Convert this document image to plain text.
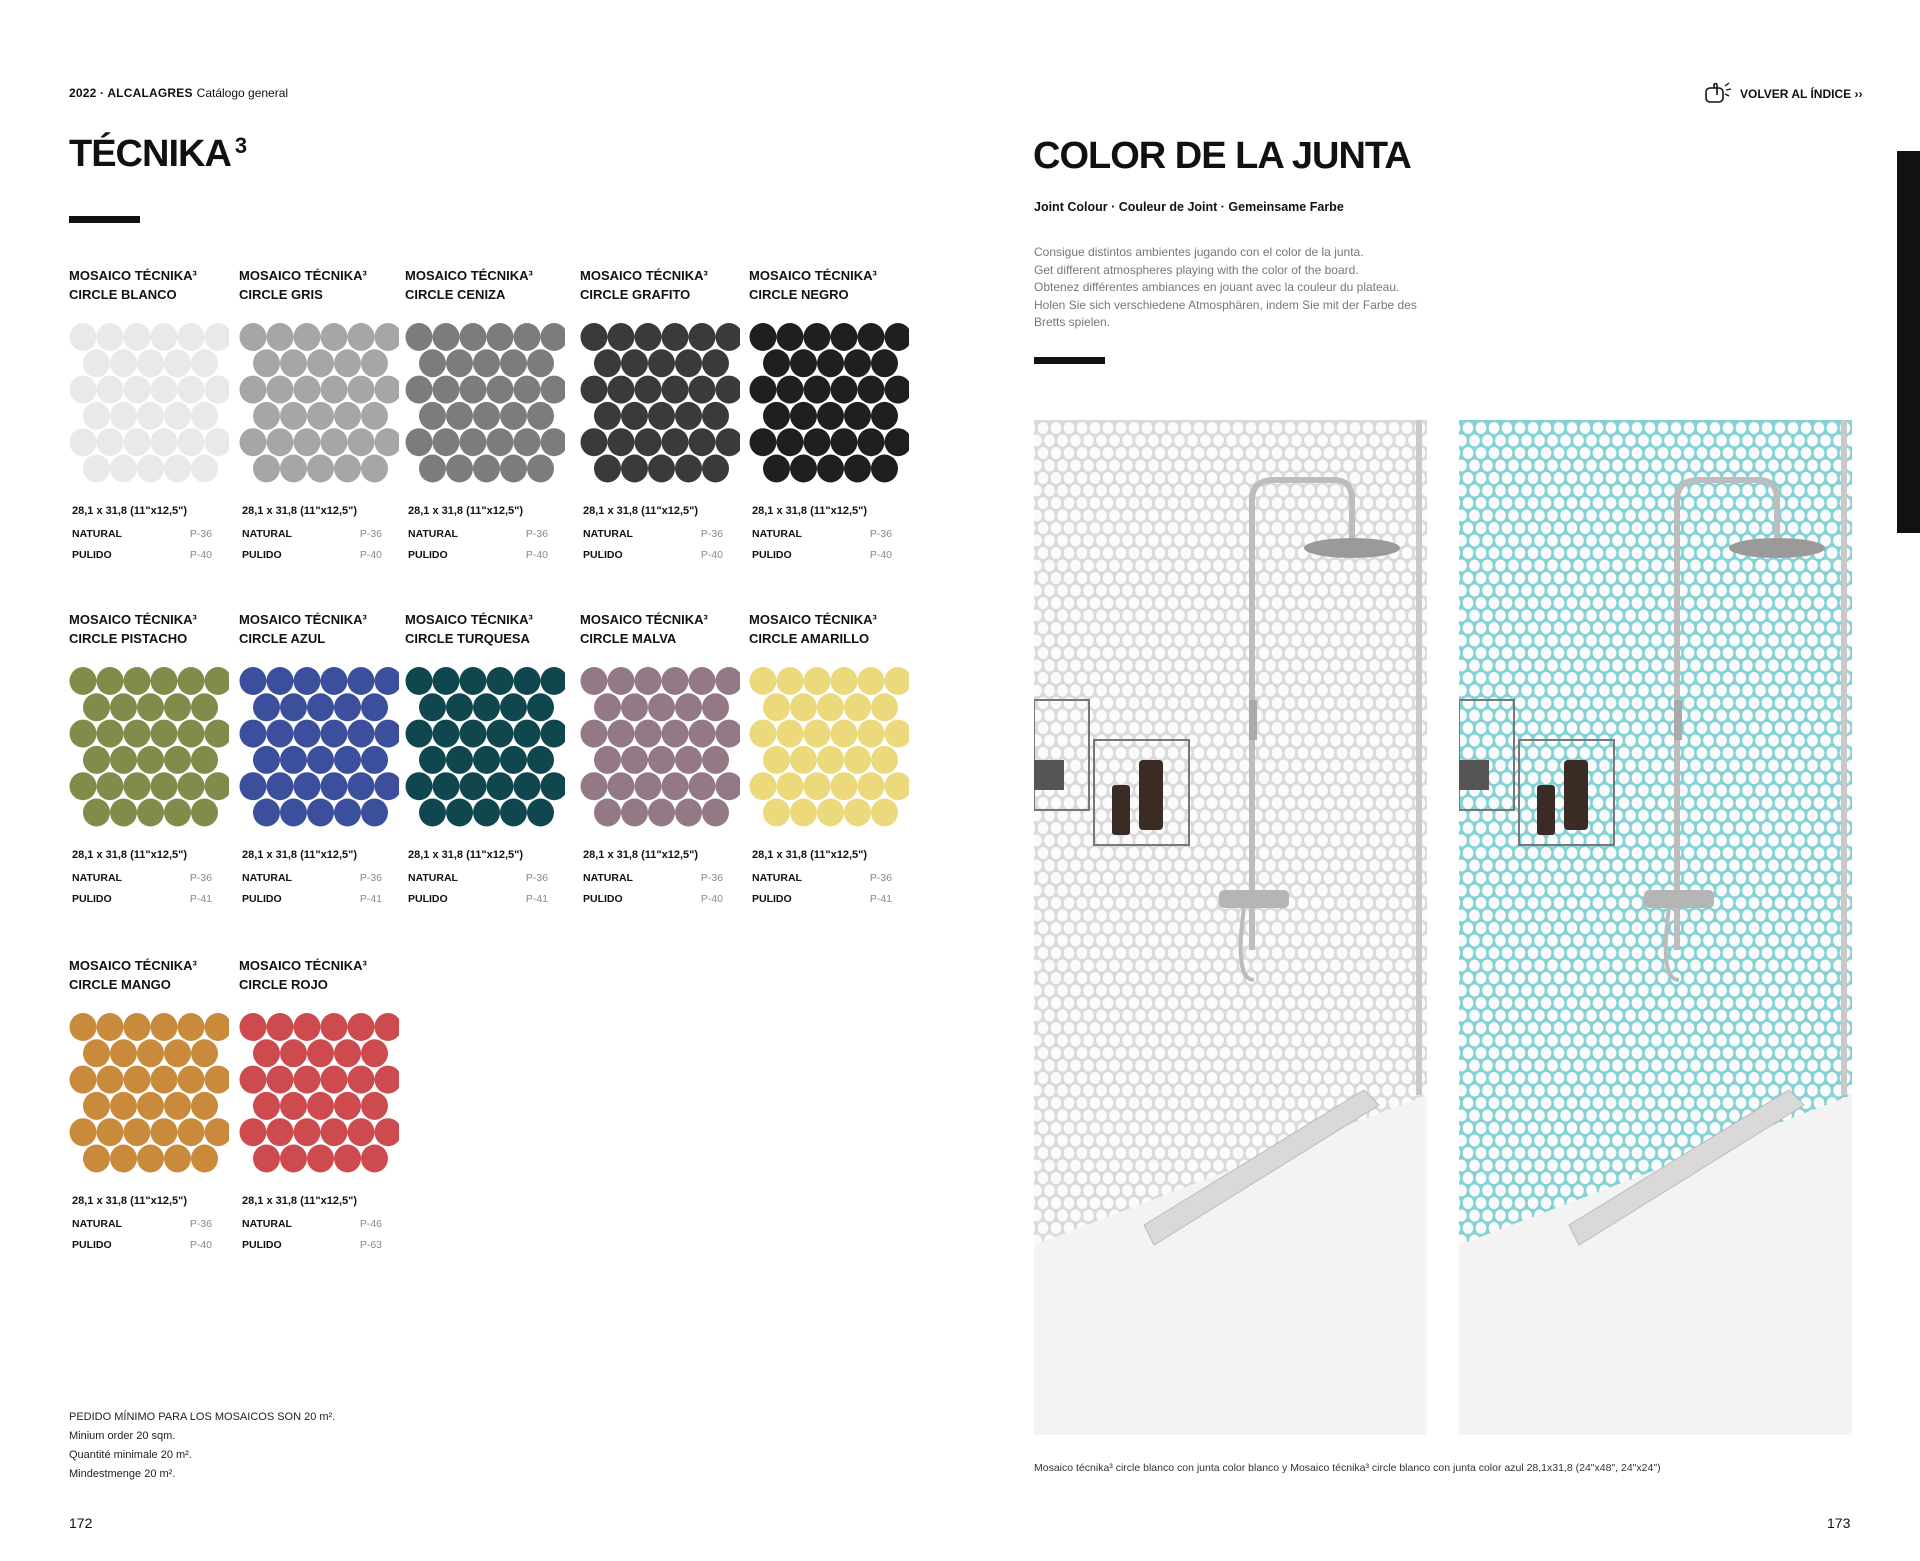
2022 · ALCALAGRES Catálogo general	VOLVER AL ÍNDICE ››
TÉCNIKA $^3$
MOSAICO TÉCNIKA³
CIRCLE BLANCO
28,1 x 31,8 (11"x12,5")
NATURAL	P-36
PULIDO	P-40
MOSAICO TÉCNIKA³
CIRCLE GRIS
28,1 x 31,8 (11"x12,5")
NATURAL	P-36
PULIDO	P-40
MOSAICO TÉCNIKA³
CIRCLE CENIZA
28,1 x 31,8 (11"x12,5")
NATURAL	P-36
PULIDO	P-40
MOSAICO TÉCNIKA³
CIRCLE GRAFITO
28,1 x 31,8 (11"x12,5")
NATURAL	P-36
PULIDO	P-40
MOSAICO TÉCNIKA³
CIRCLE NEGRO
28,1 x 31,8 (11"x12,5")
NATURAL	P-36
PULIDO	P-40
MOSAICO TÉCNIKA³
CIRCLE PISTACHO
28,1 x 31,8 (11"x12,5")
NATURAL	P-36
PULIDO	P-41
MOSAICO TÉCNIKA³
CIRCLE AZUL
28,1 x 31,8 (11"x12,5")
NATURAL	P-36
PULIDO	P-41
MOSAICO TÉCNIKA³
CIRCLE TURQUESA
28,1 x 31,8 (11"x12,5")
NATURAL	P-36
PULIDO	P-41
MOSAICO TÉCNIKA³
CIRCLE MALVA
28,1 x 31,8 (11"x12,5")
NATURAL	P-36
PULIDO	P-40
MOSAICO TÉCNIKA³
CIRCLE AMARILLO
28,1 x 31,8 (11"x12,5")
NATURAL	P-36
PULIDO	P-41
MOSAICO TÉCNIKA³
CIRCLE MANGO
28,1 x 31,8 (11"x12,5")
NATURAL	P-36
PULIDO	P-40
MOSAICO TÉCNIKA³
CIRCLE ROJO
28,1 x 31,8 (11"x12,5")
NATURAL	P-46
PULIDO	P-63
PEDIDO MÍNIMO PARA LOS MOSAICOS SON 20 m².
Minium order 20 sqm.
Quantité minimale 20 m².
Mindestmenge 20 m².
172
COLOR DE LA JUNTA
Joint Colour · Couleur de Joint · Gemeinsame Farbe
Consigue distintos ambientes jugando con el color de la junta.
Get different atmospheres playing with the color of the board.
Obtenez différentes ambiances en jouant avec la couleur du plateau.
Holen Sie sich verschiedene Atmosphären, indem Sie mit der Farbe des
Bretts spielen.
Mosaico técnika³ circle blanco con junta color blanco y Mosaico técnika³ circle blanco con junta color azul 28,1x31,8 (24"x48", 24"x24")
173
